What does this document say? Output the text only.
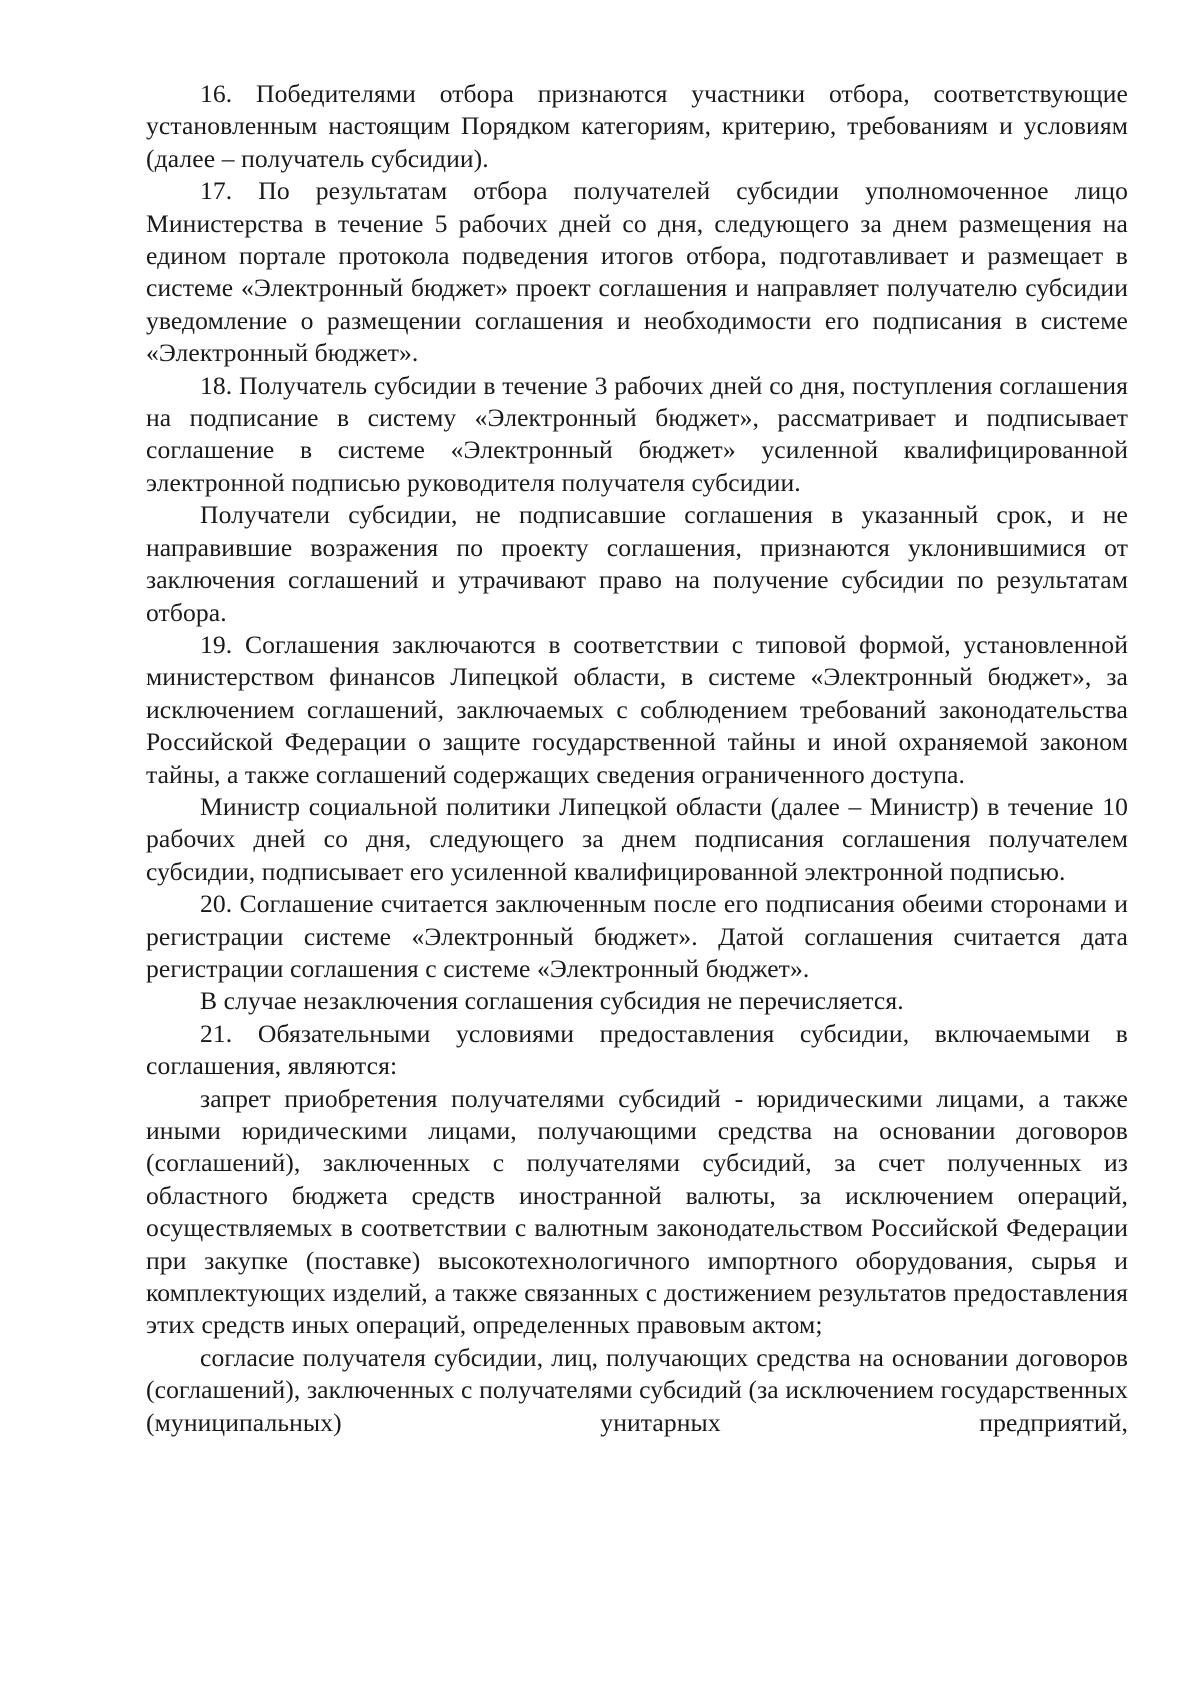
16. Победителями отбора признаются участники отбора, соответствующие установленным настоящим Порядком категориям, критерию, требованиям и условиям (далее – получатель субсидии).

17. По результатам отбора получателей субсидии уполномоченное лицо Министерства в течение 5 рабочих дней со дня, следующего за днем размещения на едином портале протокола подведения итогов отбора, подготавливает и размещает в системе «Электронный бюджет» проект соглашения и направляет получателю субсидии уведомление о размещении соглашения и необходимости его подписания в системе «Электронный бюджет».

18. Получатель субсидии в течение 3 рабочих дней со дня, поступления соглашения на подписание в систему «Электронный бюджет», рассматривает и подписывает соглашение в системе «Электронный бюджет» усиленной квалифицированной электронной подписью руководителя получателя субсидии.

Получатели субсидии, не подписавшие соглашения в указанный срок, и не направившие возражения по проекту соглашения, признаются уклонившимися от заключения соглашений и утрачивают право на получение субсидии по результатам отбора.

19. Соглашения заключаются в соответствии с типовой формой, установленной министерством финансов Липецкой области, в системе «Электронный бюджет», за исключением соглашений, заключаемых с соблюдением требований законодательства Российской Федерации о защите государственной тайны и иной охраняемой законом тайны, а также соглашений содержащих сведения ограниченного доступа.

Министр социальной политики Липецкой области (далее – Министр) в течение 10 рабочих дней со дня, следующего за днем подписания соглашения получателем субсидии, подписывает его усиленной квалифицированной электронной подписью.

20. Соглашение считается заключенным после его подписания обеими сторонами и регистрации системе «Электронный бюджет». Датой соглашения считается дата регистрации соглашения с системе «Электронный бюджет».

В случае незаключения соглашения субсидия не перечисляется.

21. Обязательными условиями предоставления субсидии, включаемыми в соглашения, являются:

запрет приобретения получателями субсидий - юридическими лицами, а также иными юридическими лицами, получающими средства на основании договоров (соглашений), заключенных с получателями субсидий, за счет полученных из областного бюджета средств иностранной валюты, за исключением операций, осуществляемых в соответствии с валютным законодательством Российской Федерации при закупке (поставке) высокотехнологичного импортного оборудования, сырья и комплектующих изделий, а также связанных с достижением результатов предоставления этих средств иных операций, определенных правовым актом;

согласие получателя субсидии, лиц, получающих средства на основании договоров (соглашений), заключенных с получателями субсидий (за исключением государственных (муниципальных) унитарных предприятий,
